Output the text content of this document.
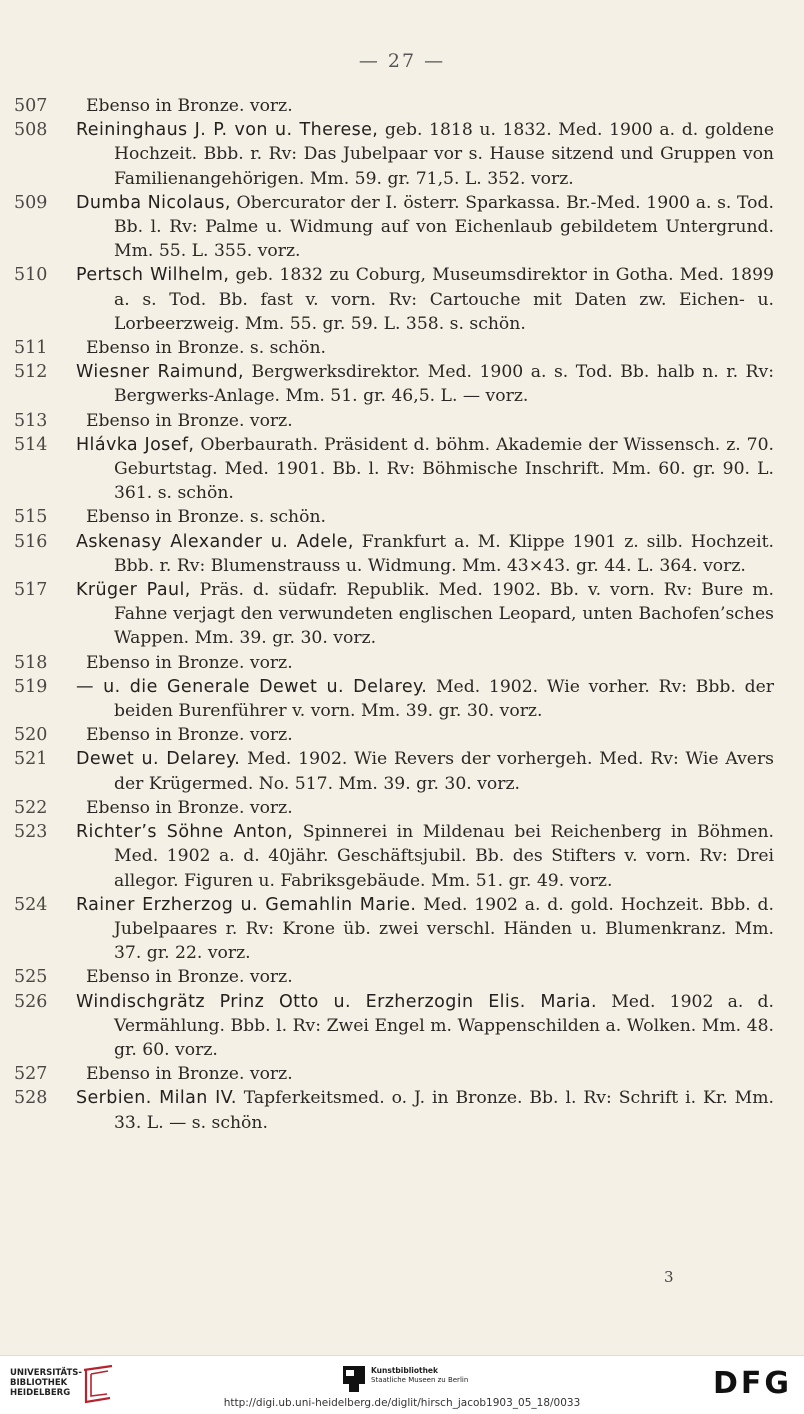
— 27 —
507	Ebenso in Bronze. vorz.
508	Reininghaus J. P. von u. Therese, geb. 1818 u. 1832. Med. 1900 a. d. goldene Hochzeit. Bbb. r. Rv: Das Jubelpaar vor s. Hause sitzend und Gruppen von Familienangehörigen. Mm. 59. gr. 71,5. L. 352. vorz.
509	Dumba Nicolaus, Obercurator der I. österr. Sparkassa. Br.-Med. 1900 a. s. Tod. Bb. l. Rv: Palme u. Widmung auf von Eichenlaub gebildetem Untergrund. Mm. 55. L. 355. vorz.
510	Pertsch Wilhelm, geb. 1832 zu Coburg, Museumsdirektor in Gotha. Med. 1899 a. s. Tod. Bb. fast v. vorn. Rv: Cartouche mit Daten zw. Eichen- u. Lorbeerzweig. Mm. 55. gr. 59. L. 358. s. schön.
511	Ebenso in Bronze. s. schön.
512	Wiesner Raimund, Bergwerksdirektor. Med. 1900 a. s. Tod. Bb. halb n. r. Rv: Bergwerks-Anlage. Mm. 51. gr. 46,5. L. — vorz.
513	Ebenso in Bronze. vorz.
514	Hlávka Josef, Oberbaurath. Präsident d. böhm. Akademie der Wissensch. z. 70. Geburtstag. Med. 1901. Bb. l. Rv: Böhmische Inschrift. Mm. 60. gr. 90. L. 361. s. schön.
515	Ebenso in Bronze. s. schön.
516	Askenasy Alexander u. Adele, Frankfurt a. M. Klippe 1901 z. silb. Hochzeit. Bbb. r. Rv: Blumenstrauss u. Widmung. Mm. 43×43. gr. 44. L. 364. vorz.
517	Krüger Paul, Präs. d. südafr. Republik. Med. 1902. Bb. v. vorn. Rv: Bure m. Fahne verjagt den verwundeten englischen Leopard, unten Bachofen’sches Wappen. Mm. 39. gr. 30. vorz.
518	Ebenso in Bronze. vorz.
519	— u. die Generale Dewet u. Delarey. Med. 1902. Wie vorher. Rv: Bbb. der beiden Burenführer v. vorn. Mm. 39. gr. 30. vorz.
520	Ebenso in Bronze. vorz.
521	Dewet u. Delarey. Med. 1902. Wie Revers der vorhergeh. Med. Rv: Wie Avers der Krügermed. No. 517. Mm. 39. gr. 30. vorz.
522	Ebenso in Bronze. vorz.
523	Richter’s Söhne Anton, Spinnerei in Mildenau bei Reichenberg in Böhmen. Med. 1902 a. d. 40jähr. Geschäftsjubil. Bb. des Stifters v. vorn. Rv: Drei allegor. Figuren u. Fabriksgebäude. Mm. 51. gr. 49. vorz.
524	Rainer Erzherzog u. Gemahlin Marie. Med. 1902 a. d. gold. Hochzeit. Bbb. d. Jubelpaares r. Rv: Krone üb. zwei verschl. Händen u. Blumenkranz. Mm. 37. gr. 22. vorz.
525	Ebenso in Bronze. vorz.
526	Windischgrätz Prinz Otto u. Erzherzogin Elis. Maria. Med. 1902 a. d. Vermählung. Bbb. l. Rv: Zwei Engel m. Wappenschilden a. Wolken. Mm. 48. gr. 60. vorz.
527	Ebenso in Bronze. vorz.
528	Serbien. Milan IV. Tapferkeitsmed. o. J. in Bronze. Bb. l. Rv: Schrift i. Kr. Mm. 33. L. — s. schön.
3
UNIVERSITÄTS-
BIBLIOTHEK
HEIDELBERG
Kunstbibliothek
Staatliche Museen zu Berlin	DFG
http://digi.ub.uni-heidelberg.de/diglit/hirsch_jacob1903_05_18/0033
